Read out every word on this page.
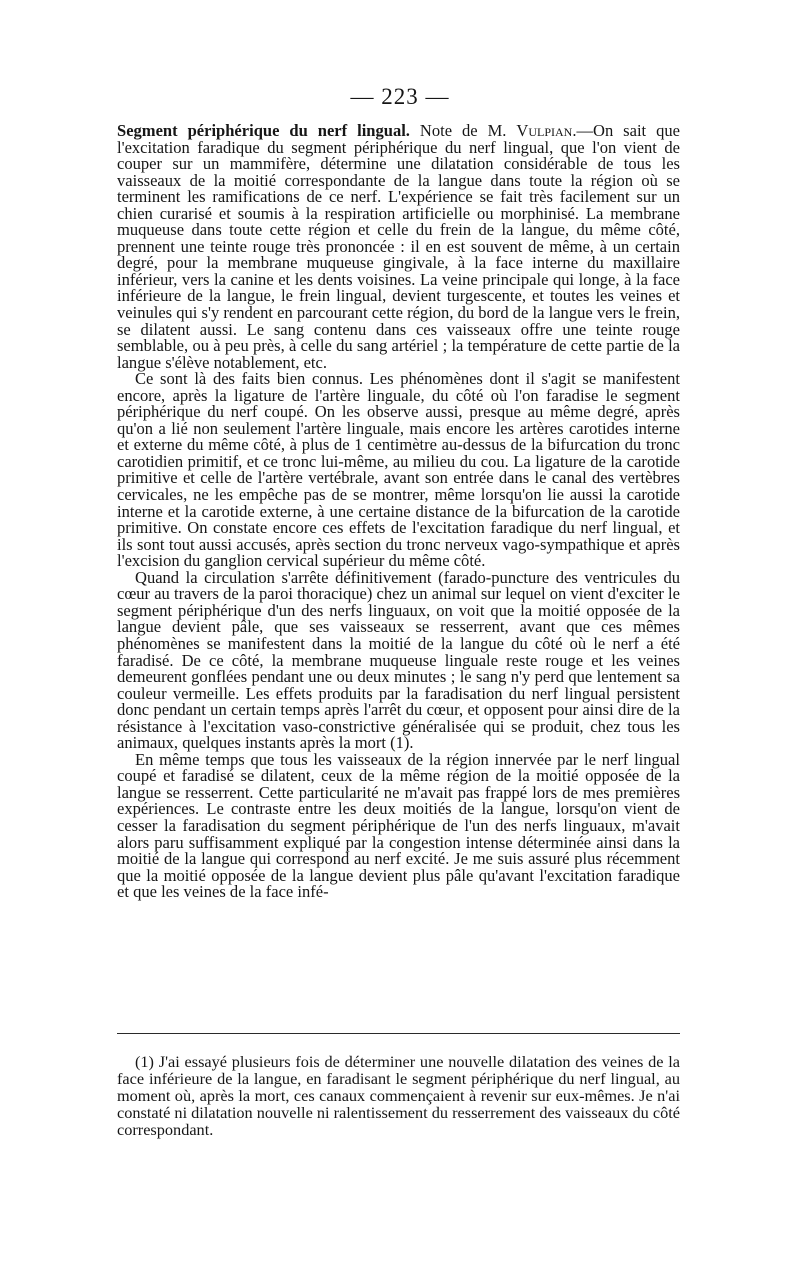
— 223 —

Segment périphérique du nerf lingual. Note de M. Vulpian.—On sait que l'excitation faradique du segment périphérique du nerf lingual, que l'on vient de couper sur un mammifère, détermine une dilatation considérable de tous les vaisseaux de la moitié correspondante de la langue dans toute la région où se terminent les ramifications de ce nerf. L'expérience se fait très facilement sur un chien curarisé et soumis à la respiration artificielle ou morphinisé. La membrane muqueuse dans toute cette région et celle du frein de la langue, du même côté, prennent une teinte rouge très prononcée : il en est souvent de même, à un certain degré, pour la membrane muqueuse gingivale, à la face interne du maxillaire inférieur, vers la canine et les dents voisines. La veine principale qui longe, à la face inférieure de la langue, le frein lingual, devient turgescente, et toutes les veines et veinules qui s'y rendent en parcourant cette région, du bord de la langue vers le frein, se dilatent aussi. Le sang contenu dans ces vaisseaux offre une teinte rouge semblable, ou à peu près, à celle du sang artériel ; la température de cette partie de la langue s'élève notablement, etc.

Ce sont là des faits bien connus. Les phénomènes dont il s'agit se manifestent encore, après la ligature de l'artère linguale, du côté où l'on faradise le segment périphérique du nerf coupé. On les observe aussi, presque au même degré, après qu'on a lié non seulement l'artère linguale, mais encore les artères carotides interne et externe du même côté, à plus de 1 centimètre au-dessus de la bifurcation du tronc carotidien primitif, et ce tronc lui-même, au milieu du cou. La ligature de la carotide primitive et celle de l'artère vertébrale, avant son entrée dans le canal des vertèbres cervicales, ne les empêche pas de se montrer, même lorsqu'on lie aussi la carotide interne et la carotide externe, à une certaine distance de la bifurcation de la carotide primitive. On constate encore ces effets de l'excitation faradique du nerf lingual, et ils sont tout aussi accusés, après section du tronc nerveux vago-sympathique et après l'excision du ganglion cervical supérieur du même côté.

Quand la circulation s'arrête définitivement (farado-puncture des ventricules du cœur au travers de la paroi thoracique) chez un animal sur lequel on vient d'exciter le segment périphérique d'un des nerfs linguaux, on voit que la moitié opposée de la langue devient pâle, que ses vaisseaux se resserrent, avant que ces mêmes phénomènes se manifestent dans la moitié de la langue du côté où le nerf a été faradisé. De ce côté, la membrane muqueuse linguale reste rouge et les veines demeurent gonflées pendant une ou deux minutes ; le sang n'y perd que lentement sa couleur vermeille. Les effets produits par la faradisation du nerf lingual persistent donc pendant un certain temps après l'arrêt du cœur, et opposent pour ainsi dire de la résistance à l'excitation vaso-constrictive généralisée qui se produit, chez tous les animaux, quelques instants après la mort (1).

En même temps que tous les vaisseaux de la région innervée par le nerf lingual coupé et faradisé se dilatent, ceux de la même région de la moitié opposée de la langue se resserrent. Cette particularité ne m'avait pas frappé lors de mes premières expériences. Le contraste entre les deux moitiés de la langue, lorsqu'on vient de cesser la faradisation du segment périphérique de l'un des nerfs linguaux, m'avait alors paru suffisamment expliqué par la congestion intense déterminée ainsi dans la moitié de la langue qui correspond au nerf excité. Je me suis assuré plus récemment que la moitié opposée de la langue devient plus pâle qu'avant l'excitation faradique et que les veines de la face infé-

(1) J'ai essayé plusieurs fois de déterminer une nouvelle dilatation des veines de la face inférieure de la langue, en faradisant le segment périphérique du nerf lingual, au moment où, après la mort, ces canaux commençaient à revenir sur eux-mêmes. Je n'ai constaté ni dilatation nouvelle ni ralentissement du resserrement des vaisseaux du côté correspondant.
